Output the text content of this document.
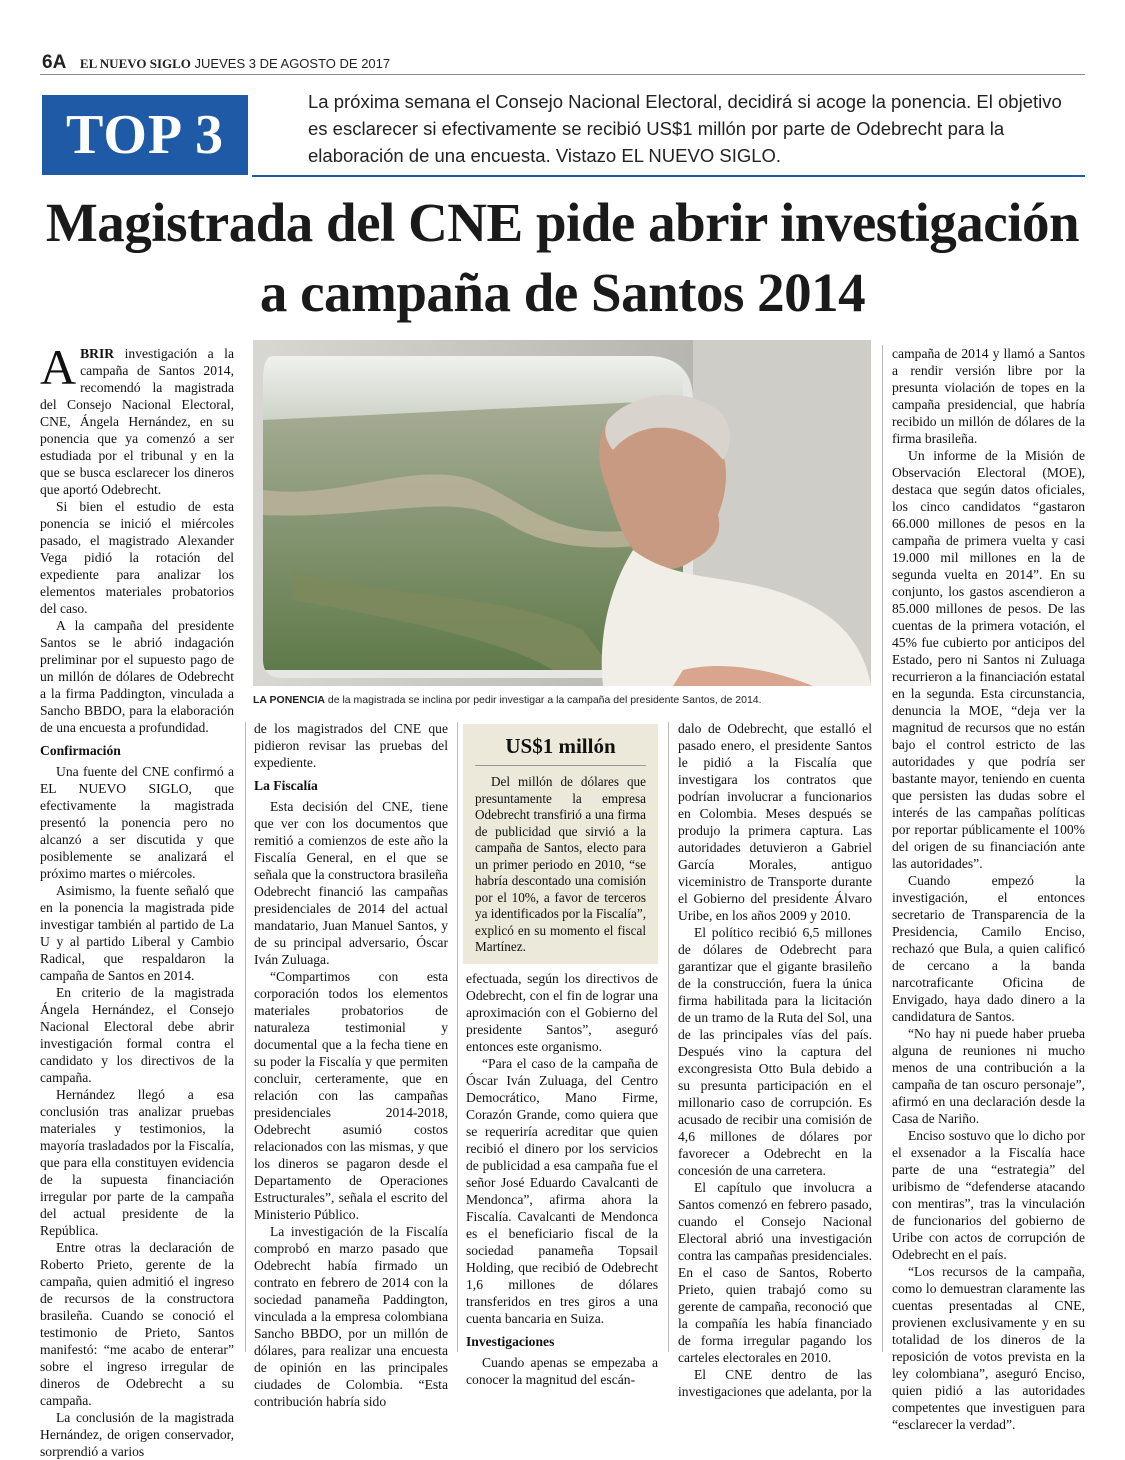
6A EL NUEVO SIGLO JUEVES 3 DE AGOSTO DE 2017
TOP 3
La próxima semana el Consejo Nacional Electoral, decidirá si acoge la ponencia. El objetivo es esclarecer si efectivamente se recibió US$1 millón por parte de Odebrecht para la elaboración de una encuesta. Vistazo EL NUEVO SIGLO.
Magistrada del CNE pide abrir investigación a campaña de Santos 2014

ABRIR investigación a la campaña de Santos 2014, recomendó la magistrada del Consejo Nacional Electoral, CNE, Ángela Hernández, en su ponencia que ya comenzó a ser estudiada por el tribunal y en la que se busca esclarecer los dineros que aportó Odebrecht.

Si bien el estudio de esta ponencia se inició el miércoles pasado, el magistrado Alexander Vega pidió la rotación del expediente para analizar los elementos materiales probatorios del caso.

A la campaña del presidente Santos se le abrió indagación preliminar por el supuesto pago de un millón de dólares de Odebrecht a la firma Paddington, vinculada a Sancho BBDO, para la elaboración de una encuesta a profundidad.

Confirmación

Una fuente del CNE confirmó a EL NUEVO SIGLO, que efectivamente la magistrada presentó la ponencia pero no alcanzó a ser discutida y que posiblemente se analizará el próximo martes o miércoles.

Asimismo, la fuente señaló que en la ponencia la magistrada pide investigar también al partido de La U y al partido Liberal y Cambio Radical, que respaldaron la campaña de Santos en 2014.

En criterio de la magistrada Ángela Hernández, el Consejo Nacional Electoral debe abrir investigación formal contra el candidato y los directivos de la campaña.

Hernández llegó a esa conclusión tras analizar pruebas materiales y testimonios, la mayoría trasladados por la Fiscalía, que para ella constituyen evidencia de la supuesta financiación irregular por parte de la campaña del actual presidente de la República.

Entre otras la declaración de Roberto Prieto, gerente de la campaña, quien admitió el ingreso de recursos de la constructora brasileña. Cuando se conoció el testimonio de Prieto, Santos manifestó: “me acabo de enterar” sobre el ingreso irregular de dineros de Odebrecht a su campaña.

La conclusión de la magistrada Hernández, de origen conservador, sorprendió a varios

LA PONENCIA de la magistrada se inclina por pedir investigar a la campaña del presidente Santos, de 2014.

de los magistrados del CNE que pidieron revisar las pruebas del expediente.

La Fiscalía

Esta decisión del CNE, tiene que ver con los documentos que remitió a comienzos de este año la Fiscalía General, en el que se señala que la constructora brasileña Odebrecht financió las campañas presidenciales de 2014 del actual mandatario, Juan Manuel Santos, y de su principal adversario, Óscar Iván Zuluaga.

“Compartimos con esta corporación todos los elementos materiales probatorios de naturaleza testimonial y documental que a la fecha tiene en su poder la Fiscalía y que permiten concluir, certeramente, que en relación con las campañas presidenciales 2014-2018, Odebrecht asumió costos relacionados con las mismas, y que los dineros se pagaron desde el Departamento de Operaciones Estructurales”, señala el escrito del Ministerio Público.

La investigación de la Fiscalía comprobó en marzo pasado que Odebrecht había firmado un contrato en febrero de 2014 con la sociedad panameña Paddington, vinculada a la empresa colombiana Sancho BBDO, por un millón de dólares, para realizar una encuesta de opinión en las principales ciudades de Colombia. “Esta contribución habría sido

US$1 millón

Del millón de dólares que presuntamente la empresa Odebrecht transfirió a una firma de publicidad que sirvió a la campaña de Santos, electo para un primer periodo en 2010, “se habría descontado una comisión por el 10%, a favor de terceros ya identificados por la Fiscalía”, explicó en su momento el fiscal Martínez.

efectuada, según los directivos de Odebrecht, con el fin de lograr una aproximación con el Gobierno del presidente Santos”, aseguró entonces este organismo.

“Para el caso de la campaña de Óscar Iván Zuluaga, del Centro Democrático, Mano Firme, Corazón Grande, como quiera que se requeriría acreditar que quien recibió el dinero por los servicios de publicidad a esa campaña fue el señor José Eduardo Cavalcanti de Mendonca”, afirma ahora la Fiscalía. Cavalcanti de Mendonca es el beneficiario fiscal de la sociedad panameña Topsail Holding, que recibió de Odebrecht 1,6 millones de dólares transferidos en tres giros a una cuenta bancaria en Suiza.

Investigaciones

Cuando apenas se empezaba a conocer la magnitud del escán-

dalo de Odebrecht, que estalló el pasado enero, el presidente Santos le pidió a la Fiscalía que investigara los contratos que podrían involucrar a funcionarios en Colombia. Meses después se produjo la primera captura. Las autoridades detuvieron a Gabriel García Morales, antiguo viceministro de Transporte durante el Gobierno del presidente Álvaro Uribe, en los años 2009 y 2010.

El político recibió 6,5 millones de dólares de Odebrecht para garantizar que el gigante brasileño de la construcción, fuera la única firma habilitada para la licitación de un tramo de la Ruta del Sol, una de las principales vías del país. Después vino la captura del excongresista Otto Bula debido a su presunta participación en el millonario caso de corrupción. Es acusado de recibir una comisión de 4,6 millones de dólares por favorecer a Odebrecht en la concesión de una carretera.

El capítulo que involucra a Santos comenzó en febrero pasado, cuando el Consejo Nacional Electoral abrió una investigación contra las campañas presidenciales. En el caso de Santos, Roberto Prieto, quien trabajó como su gerente de campaña, reconoció que la compañía les había financiado de forma irregular pagando los carteles electorales en 2010.

El CNE dentro de las investigaciones que adelanta, por la

campaña de 2014 y llamó a Santos a rendir versión libre por la presunta violación de topes en la campaña presidencial, que habría recibido un millón de dólares de la firma brasileña.

Un informe de la Misión de Observación Electoral (MOE), destaca que según datos oficiales, los cinco candidatos “gastaron 66.000 millones de pesos en la campaña de primera vuelta y casi 19.000 mil millones en la de segunda vuelta en 2014”. En su conjunto, los gastos ascendieron a 85.000 millones de pesos. De las cuentas de la primera votación, el 45% fue cubierto por anticipos del Estado, pero ni Santos ni Zuluaga recurrieron a la financiación estatal en la segunda. Esta circunstancia, denuncia la MOE, “deja ver la magnitud de recursos que no están bajo el control estricto de las autoridades y que podría ser bastante mayor, teniendo en cuenta que persisten las dudas sobre el interés de las campañas políticas por reportar públicamente el 100% del origen de su financiación ante las autoridades”.

Cuando empezó la investigación, el entonces secretario de Transparencia de la Presidencia, Camilo Enciso, rechazó que Bula, a quien calificó de cercano a la banda narcotraficante Oficina de Envigado, haya dado dinero a la candidatura de Santos.

“No hay ni puede haber prueba alguna de reuniones ni mucho menos de una contribución a la campaña de tan oscuro personaje”, afirmó en una declaración desde la Casa de Nariño.

Enciso sostuvo que lo dicho por el exsenador a la Fiscalía hace parte de una “estrategia” del uribismo de “defenderse atacando con mentiras”, tras la vinculación de funcionarios del gobierno de Uribe con actos de corrupción de Odebrecht en el país.

“Los recursos de la campaña, como lo demuestran claramente las cuentas presentadas al CNE, provienen exclusivamente y en su totalidad de los dineros de la reposición de votos prevista en la ley colombiana”, aseguró Enciso, quien pidió a las autoridades competentes que investiguen para “esclarecer la verdad”.
